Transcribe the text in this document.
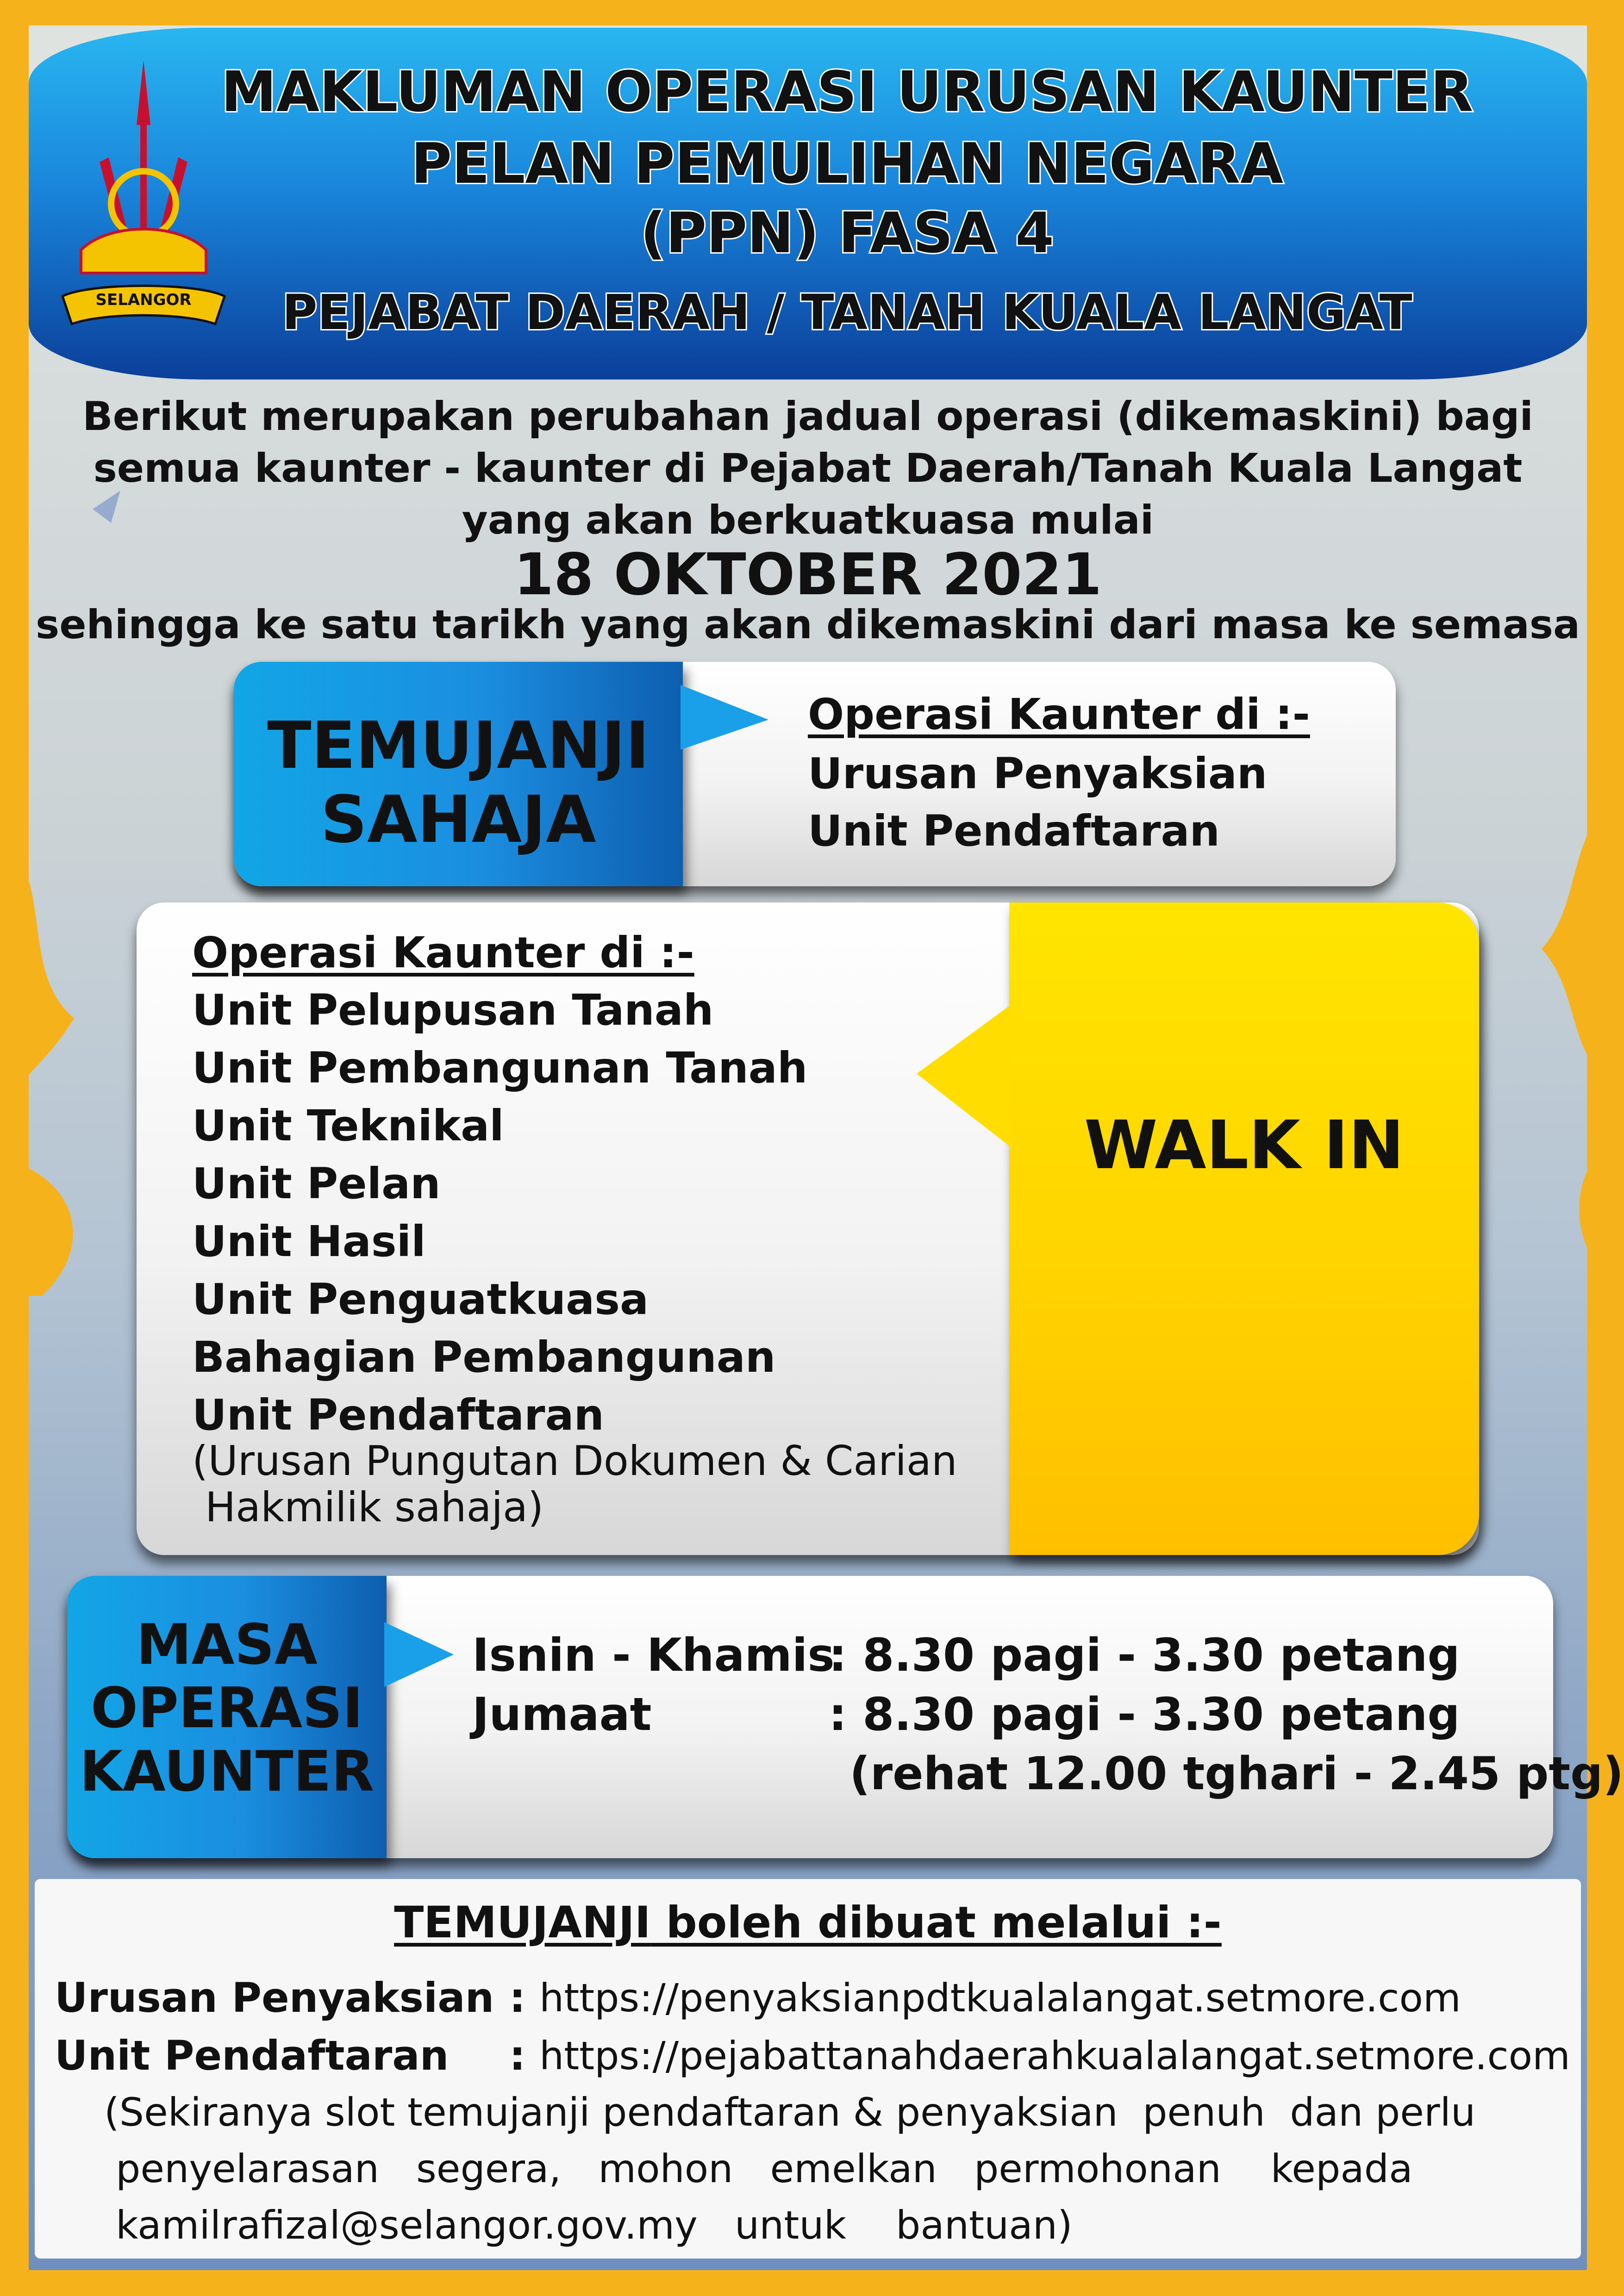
SELANGOR
MAKLUMAN OPERASI URUSAN KAUNTER
PELAN PEMULIHAN NEGARA
(PPN) FASA 4
PEJABAT DAERAH / TANAH KUALA LANGAT
Berikut merupakan perubahan jadual operasi (dikemaskini) bagi
semua kaunter - kaunter di Pejabat Daerah/Tanah Kuala Langat
yang akan berkuatkuasa mulai
18 OKTOBER 2021
sehingga ke satu tarikh yang akan dikemaskini dari masa ke semasa
TEMUJANJI
SAHAJA
Operasi Kaunter di :-
Urusan Penyaksian
Unit Pendaftaran
WALK IN
Operasi Kaunter di :-
Unit Pelupusan Tanah
Unit Pembangunan Tanah
Unit Teknikal
Unit Pelan
Unit Hasil
Unit Penguatkuasa
Bahagian Pembangunan
Unit Pendaftaran
(Urusan Pungutan Dokumen & Carian
Hakmilik sahaja)
MASA
OPERASI
KAUNTER
Isnin - Khamis
: 8.30 pagi - 3.30 petang
Jumaat	: 8.30 pagi - 3.30 petang
(rehat 12.00 tghari - 2.45 ptg)
TEMUJANJI boleh dibuat melalui :-
Urusan Penyaksian : https://penyaksianpdtkualalangat.setmore.com
Unit Pendaftaran : https://pejabattanahdaerahkualalangat.setmore.com
(Sekiranya slot temujanji pendaftaran & penyaksian  penuh  dan perlu
penyelarasan   segera,   mohon   emelkan   permohonan    kepada
kamilrafizal@selangor.gov.my   untuk    bantuan)
